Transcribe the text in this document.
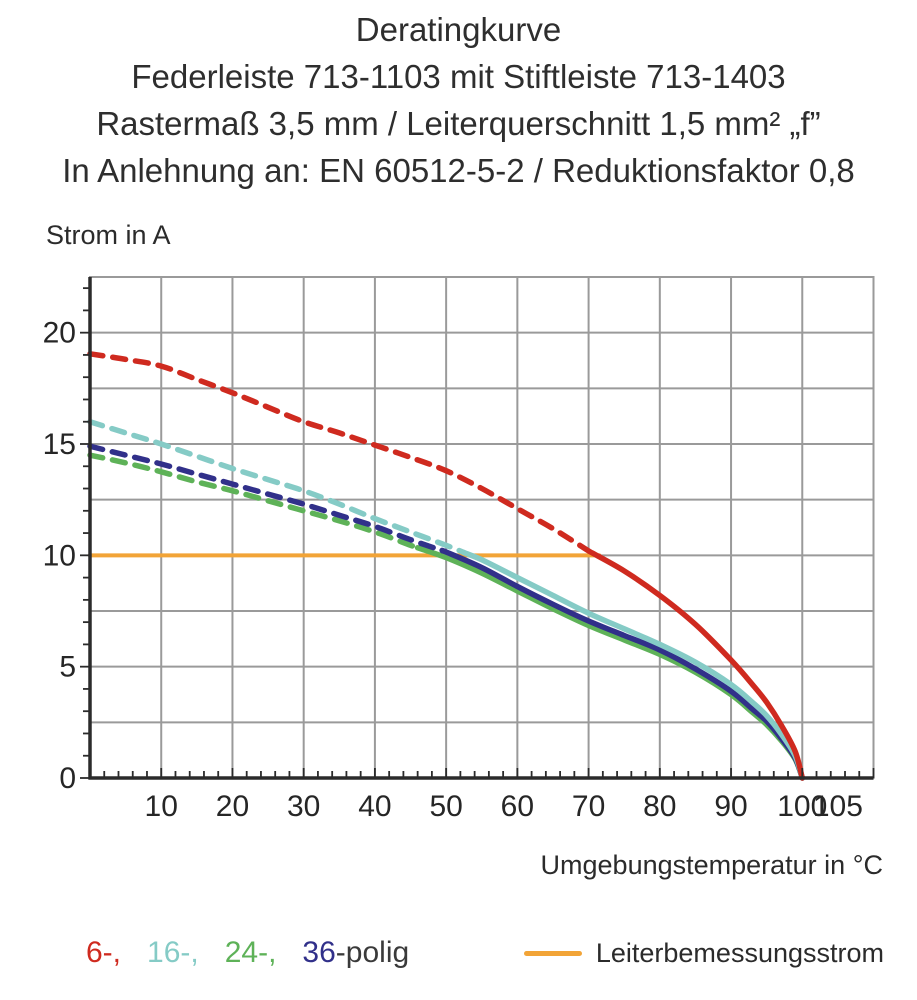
Deratingkurve
Federleiste 713-1103 mit Stiftleiste 713-1403
Rastermaß 3,5 mm / Leiterquerschnitt 1,5 mm² „f”
In Anlehnung an: EN 60512-5-2 / Reduktionsfaktor 0,8
Strom in A
10 20 30 40 50 60 70 80 90 100
105
0
5
10
15
20
Umgebungstemperatur in °C
6-, 16-, 24-, 36 -polig	Leiterbemessungsstrom
